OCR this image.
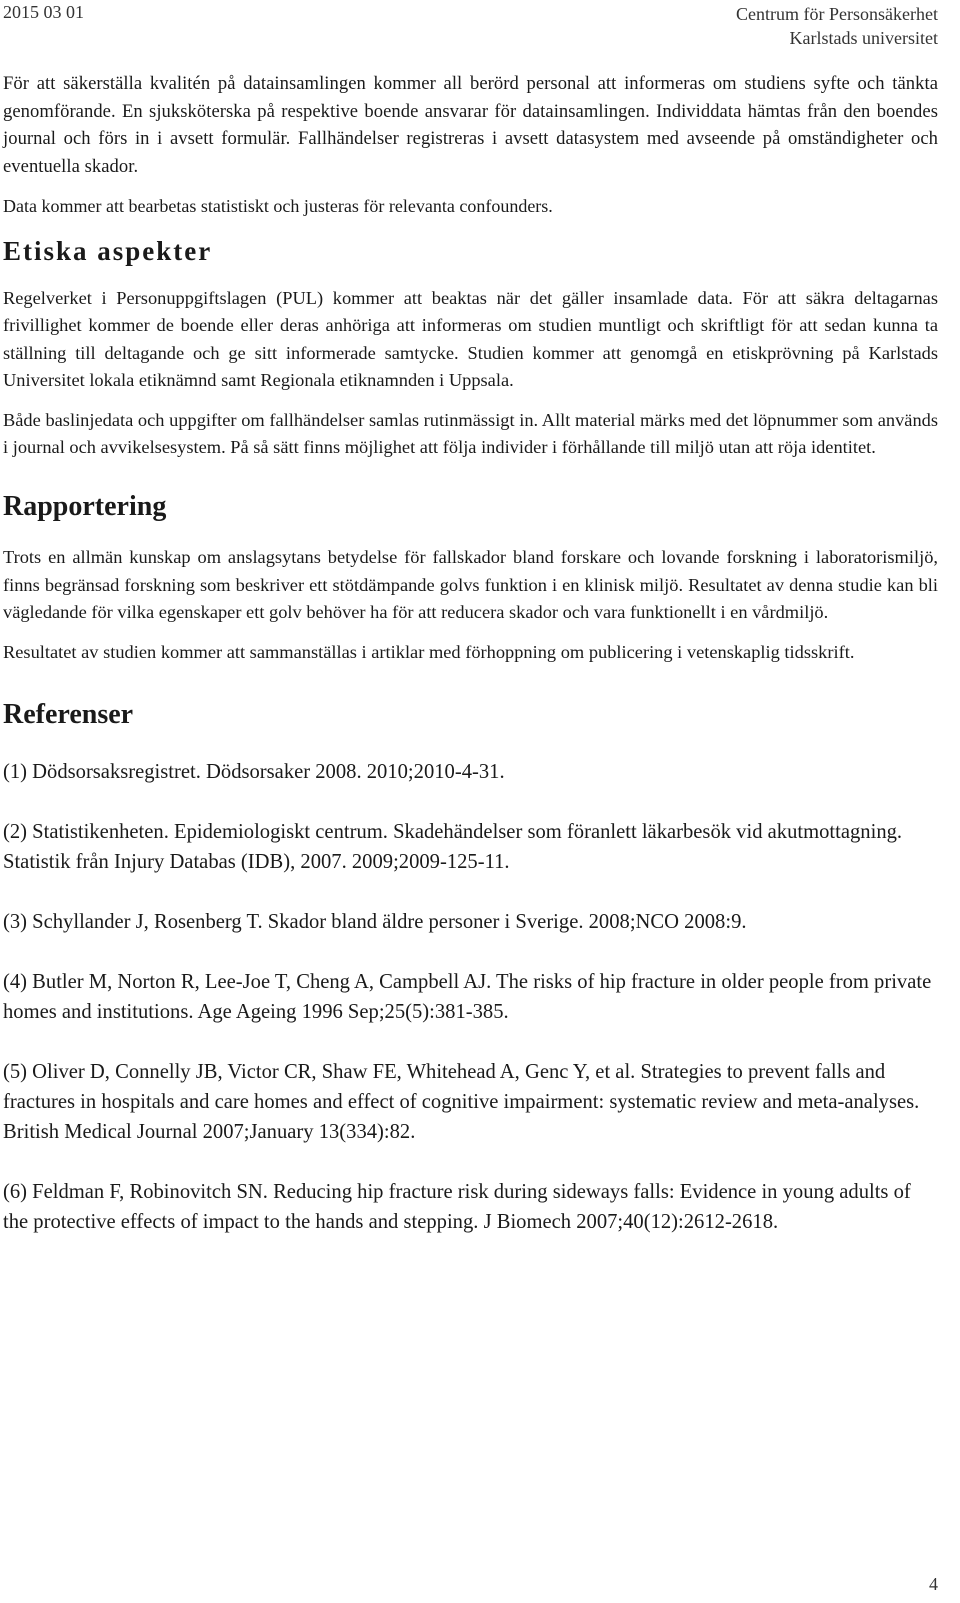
2015 03 01	Centrum för Personsäkerhet
Karlstads universitet

För att säkerställa kvalitén på datainsamlingen kommer all berörd personal att informeras om studiens syfte och tänkta genomförande. En sjuksköterska på respektive boende ansvarar för datainsamlingen. Individdata hämtas från den boendes journal och förs in i avsett formulär. Fallhändelser registreras i avsett datasystem med avseende på omständigheter och eventuella skador.

Data kommer att bearbetas statistiskt och justeras för relevanta confounders.

Etiska aspekter

Regelverket i Personuppgiftslagen (PUL) kommer att beaktas när det gäller insamlade data. För att säkra deltagarnas frivillighet kommer de boende eller deras anhöriga att informeras om studien muntligt och skriftligt för att sedan kunna ta ställning till deltagande och ge sitt informerade samtycke. Studien kommer att genomgå en etiskprövning på Karlstads Universitet lokala etiknämnd samt Regionala etiknamnden i Uppsala.

Både baslinjedata och uppgifter om fallhändelser samlas rutinmässigt in. Allt material märks med det löpnummer som används i journal och avvikelsesystem. På så sätt finns möjlighet att följa individer i förhållande till miljö utan att röja identitet.

Rapportering

Trots en allmän kunskap om anslagsytans betydelse för fallskador bland forskare och lovande forskning i laboratorismiljö, finns begränsad forskning som beskriver ett stötdämpande golvs funktion i en klinisk miljö. Resultatet av denna studie kan bli vägledande för vilka egenskaper ett golv behöver ha för att reducera skador och vara funktionellt i en vårdmiljö.

Resultatet av studien kommer att sammanställas i artiklar med förhoppning om publicering i vetenskaplig tidsskrift.

Referenser

(1) Dödsorsaksregistret. Dödsorsaker 2008. 2010;2010-4-31.

(2) Statistikenheten. Epidemiologiskt centrum. Skadehändelser som föranlett läkarbesök vid akutmottagning. Statistik från Injury Databas (IDB), 2007. 2009;2009-125-11.

(3) Schyllander J, Rosenberg T. Skador bland äldre personer i Sverige. 2008;NCO 2008:9.

(4) Butler M, Norton R, Lee-Joe T, Cheng A, Campbell AJ. The risks of hip fracture in older people from private homes and institutions. Age Ageing 1996 Sep;25(5):381-385.

(5) Oliver D, Connelly JB, Victor CR, Shaw FE, Whitehead A, Genc Y, et al. Strategies to prevent falls and fractures in hospitals and care homes and effect of cognitive impairment: systematic review and meta-analyses. British Medical Journal 2007;January 13(334):82.

(6) Feldman F, Robinovitch SN. Reducing hip fracture risk during sideways falls: Evidence in young adults of the protective effects of impact to the hands and stepping. J Biomech 2007;40(12):2612-2618.

4
